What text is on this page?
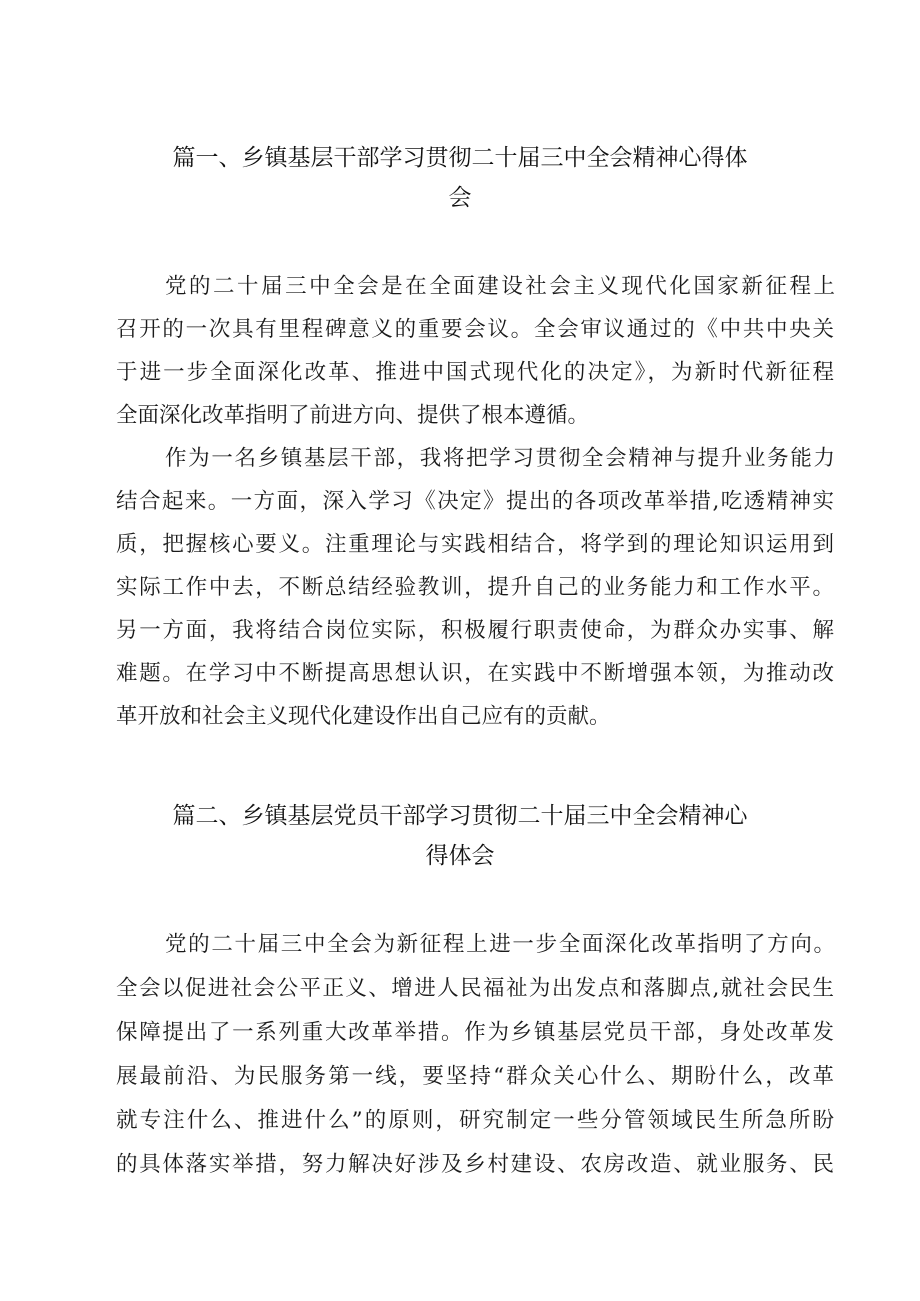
篇一、乡镇基层干部学习贯彻二十届三中全会精神心得体
会

党的二十届三中全会是在全面建设社会主义现代化国家新征程上

召开的一次具有里程碑意义的重要会议。全会审议通过的《中共中央关

于进一步全面深化改革、推进中国式现代化的决定》，为新时代新征程

全面深化改革指明了前进方向、提供了根本遵循。

作为一名乡镇基层干部，我将把学习贯彻全会精神与提升业务能力

结合起来。一方面，深入学习《决定》提出的各项改革举措,吃透精神实

质，把握核心要义。注重理论与实践相结合，将学到的理论知识运用到

实际工作中去，不断总结经验教训，提升自己的业务能力和工作水平。

另一方面，我将结合岗位实际，积极履行职责使命，为群众办实事、解

难题。在学习中不断提高思想认识，在实践中不断增强本领，为推动改

革开放和社会主义现代化建设作出自己应有的贡献。

篇二、乡镇基层党员干部学习贯彻二十届三中全会精神心
得体会

党的二十届三中全会为新征程上进一步全面深化改革指明了方向。

全会以促进社会公平正义、增进人民福祉为出发点和落脚点,就社会民生

保障提出了一系列重大改革举措。作为乡镇基层党员干部，身处改革发

展最前沿、为民服务第一线，要坚持“群众关心什么、期盼什么，改革

就专注什么、推进什么”的原则，研究制定一些分管领域民生所急所盼

的具体落实举措，努力解决好涉及乡村建设、农房改造、就业服务、民
